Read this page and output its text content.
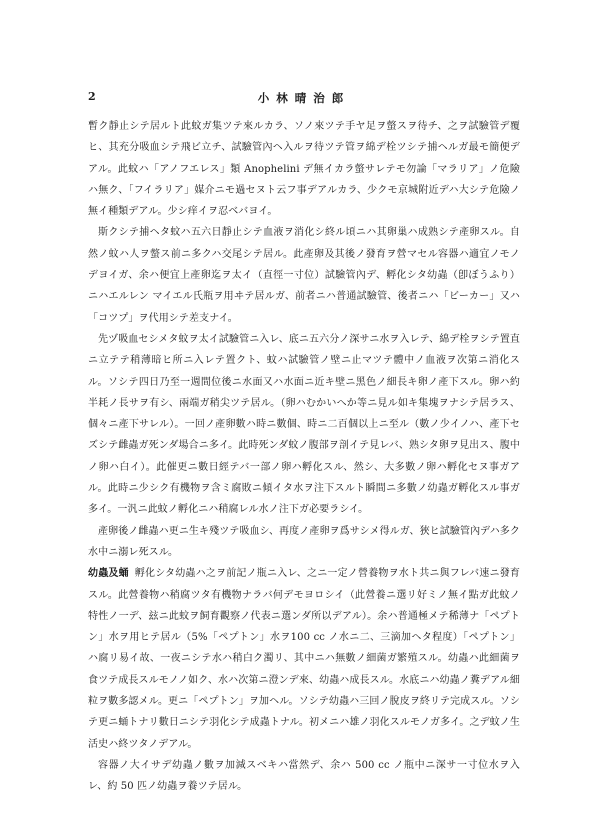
2	小林晴治郎

暫ク靜止シテ居ルト此蚊ガ集ツテ來ルカラ、ソノ來ツテ手ヤ足ヲ螫スヲ待チ、之ヲ試驗管デ覆ヒ、其充分吸血シテ飛ビ立チ、試驗管內ヘ入ルヲ待ツテ管ヲ綿デ栓ツシテ捕ヘルガ最モ簡便デアル。此蚊ハ「アノフエレス」類 Anophelini デ無イカラ螫サレテモ勿論「マラリア」ノ危險ハ無ク、「フイラリア」媒介ニモ過セヌト云フ事デアルカラ、少クモ京城附近デハ大シテ危險ノ無イ種類デアル。少シ痒イヲ忍ベバヨイ。

斯クシテ捕ヘタ蚊ハ五六日靜止シテ血液ヲ消化シ終ル頃ニハ其卵巢ハ成熟シテ產卵スル。自然ノ蚊ハ人ヲ螫ス前ニ多クハ交尾シテ居ル。此產卵及其後ノ發育ヲ營マセル容器ハ適宜ノモノデヨイガ、余ハ便宜上產卵迄ヲ太イ（直徑一寸位）試驗管內デ、孵化シタ幼蟲（卽ぼうふり）ニハエルレン マイエル氏瓶ヲ用ヰテ居ルガ、前者ニハ普通試驗管、後者ニハ「ビーカー」又ハ「コツプ」ヲ代用シテ差支ナイ。

先ヅ吸血セシメタ蚊ヲ太イ試驗管ニ入レ、底ニ五六分ノ深サニ水ヲ入レテ、綿デ栓ヲシテ置直ニ立テテ稍薄暗ヒ所ニ入レテ置クト、蚊ハ試驗管ノ壁ニ止マツテ體中ノ血液ヲ次第ニ消化スル。ソシテ四日乃至一週間位後ニ水面又ハ水面ニ近キ壁ニ黑色ノ細長キ卵ノ產下スル。卵ハ約半耗ノ長サヲ有シ、兩端ガ稍尖ツテ居ル。（卵ハむかいへか等ニ見ル如キ集塊ヲナシテ居ラス、個々ニ產下サレル）。一回ノ產卵數ハ時ニ數個、時ニ二百個以上ニ至ル（數ノ少イノハ、產下セズシテ雌蟲ガ死ンダ場合ニ多イ。此時死ンダ蚊ノ腹部ヲ剖イテ見レバ、熟シタ卵ヲ見出ス、腹中ノ卵ハ白イ）。此催更ニ數日經テバ一部ノ卵ハ孵化スル、然シ、大多數ノ卵ハ孵化セヌ事ガアル。此時ニ少シク有機物ヲ含ミ腐敗ニ傾イタ水ヲ注下スルト瞬間ニ多數ノ幼蟲ガ孵化スル事ガ多イ。一汎ニ此蚊ノ孵化ニハ稍腐レル水ノ注下ガ必要ラシイ。

產卵後ノ雌蟲ハ更ニ生キ殘ツテ吸血シ、再度ノ產卵ヲ爲サシメ得ルガ、狹ヒ試驗管內デハ多ク水中ニ溺レ死スル。

幼蟲及蛹 孵化シタ幼蟲ハ之ヲ前記ノ瓶ニ入レ、之ニ一定ノ營養物ヲ水ト共ニ與フレバ速ニ發育スル。此營養物ハ稍腐ツタ有機物ナラバ何デモヨロシイ（此營養ニ選リ好ミノ無イ點ガ此蚊ノ特性ノ一デ、玆ニ此蚊ヲ飼育觀察ノ代表ニ選ンダ所以デアル）。余ハ普通極メテ稀薄ナ「ペプトン」水ヲ用ヒテ居ル（5%「ペプトン」水ヲ100 cc ノ水ニ二、三滴加ヘタ程度）「ペプトン」ハ腐リ易イ故、一夜ニシテ水ハ稍白ク濁リ、其中ニハ無數ノ細菌ガ繁殖スル。幼蟲ハ此細菌ヲ食ツテ成長スルモノノ如ク、水ハ次第ニ澄ンデ來、幼蟲ハ成長スル。水底ニハ幼蟲ノ糞デアル細粒ヲ數多認メル。更ニ「ペプトン」ヲ加ヘル。ソシテ幼蟲ハ三回ノ脫皮ヲ終リテ完成スル。ソシテ更ニ蛹トナリ數日ニシテ羽化シテ成蟲トナル。初メニハ雄ノ羽化スルモノガ多イ。之デ蚊ノ生活史ハ終ツタノデアル。

容器ノ大イサデ幼蟲ノ數ヲ加減スベキハ當然デ、余ハ 500 cc ノ瓶中ニ深サ一寸位水ヲ入レ、約 50 匹ノ幼蟲ヲ養ツテ居ル。
